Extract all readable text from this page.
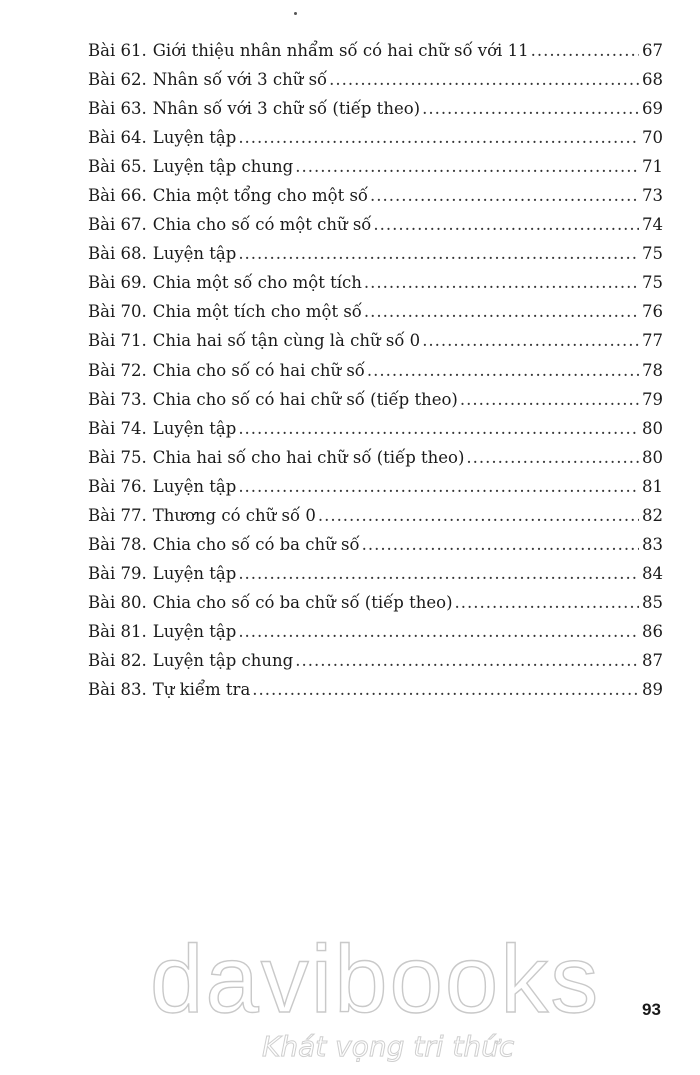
Bài 61. Giới thiệu nhân nhẩm số có hai chữ số với 11 .....	67
Bài 62. Nhân số với 3 chữ số .....	68
Bài 63. Nhân số với 3 chữ số (tiếp theo) .....	69
Bài 64. Luyện tập .....	70
Bài 65. Luyện tập chung .....	71
Bài 66. Chia một tổng cho một số .....	73
Bài 67. Chia cho số có một chữ số .....	74
Bài 68. Luyện tập .....	75
Bài 69. Chia một số cho một tích .....	75
Bài 70. Chia một tích cho một số .....	76
Bài 71. Chia hai số tận cùng là chữ số 0 .....	77
Bài 72. Chia cho số có hai chữ số .....	78
Bài 73. Chia cho số có hai chữ số (tiếp theo) .....	79
Bài 74. Luyện tập .....	80
Bài 75. Chia hai số cho hai chữ số (tiếp theo) .....	80
Bài 76. Luyện tập .....	81
Bài 77. Thương có chữ số 0 .....	82
Bài 78. Chia cho số có ba chữ số .....	83
Bài 79. Luyện tập .....	84
Bài 80. Chia cho số có ba chữ số (tiếp theo) .....	85
Bài 81. Luyện tập .....	86
Bài 82. Luyện tập chung .....	87
Bài 83. Tự kiểm tra .....	89
93
davibooks
Khát vọng tri thức
